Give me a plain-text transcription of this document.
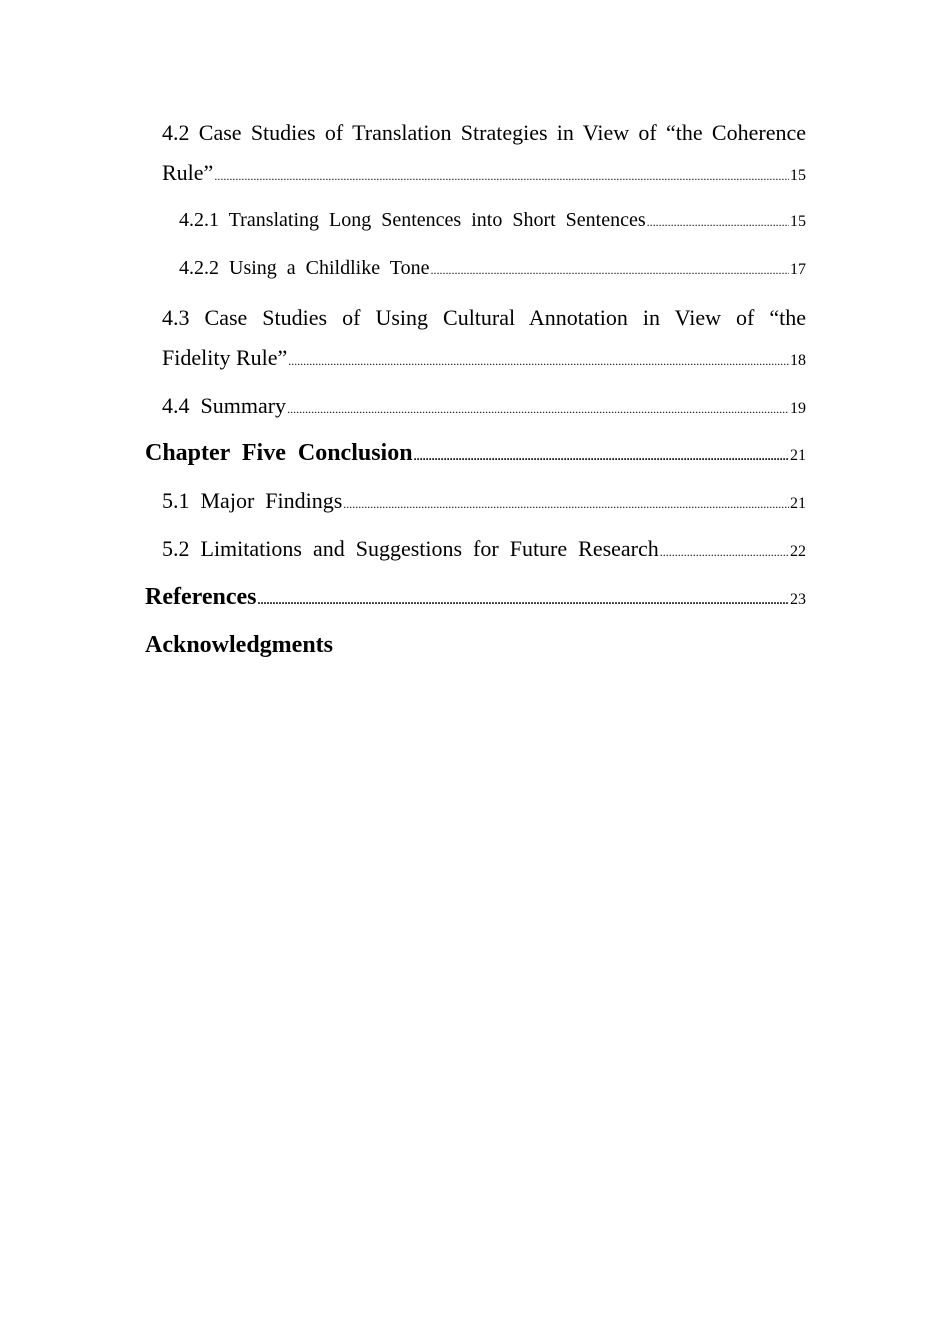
4.2 Case Studies of Translation Strategies in View of “the Coherence
Rule” .....	15
4.2.1  Translating  Long  Sentences  into  Short  Sentences .....	15
4.2.2  Using  a  Childlike  Tone .....	17
4.3 Case Studies of Using Cultural Annotation in View of “the
Fidelity Rule” .....	18
4.4  Summary .....	19
Chapter  Five  Conclusion .....	21
5.1  Major  Findings .....	21
5.2  Limitations  and  Suggestions  for  Future  Research .....	22
References .....	23
Acknowledgments
